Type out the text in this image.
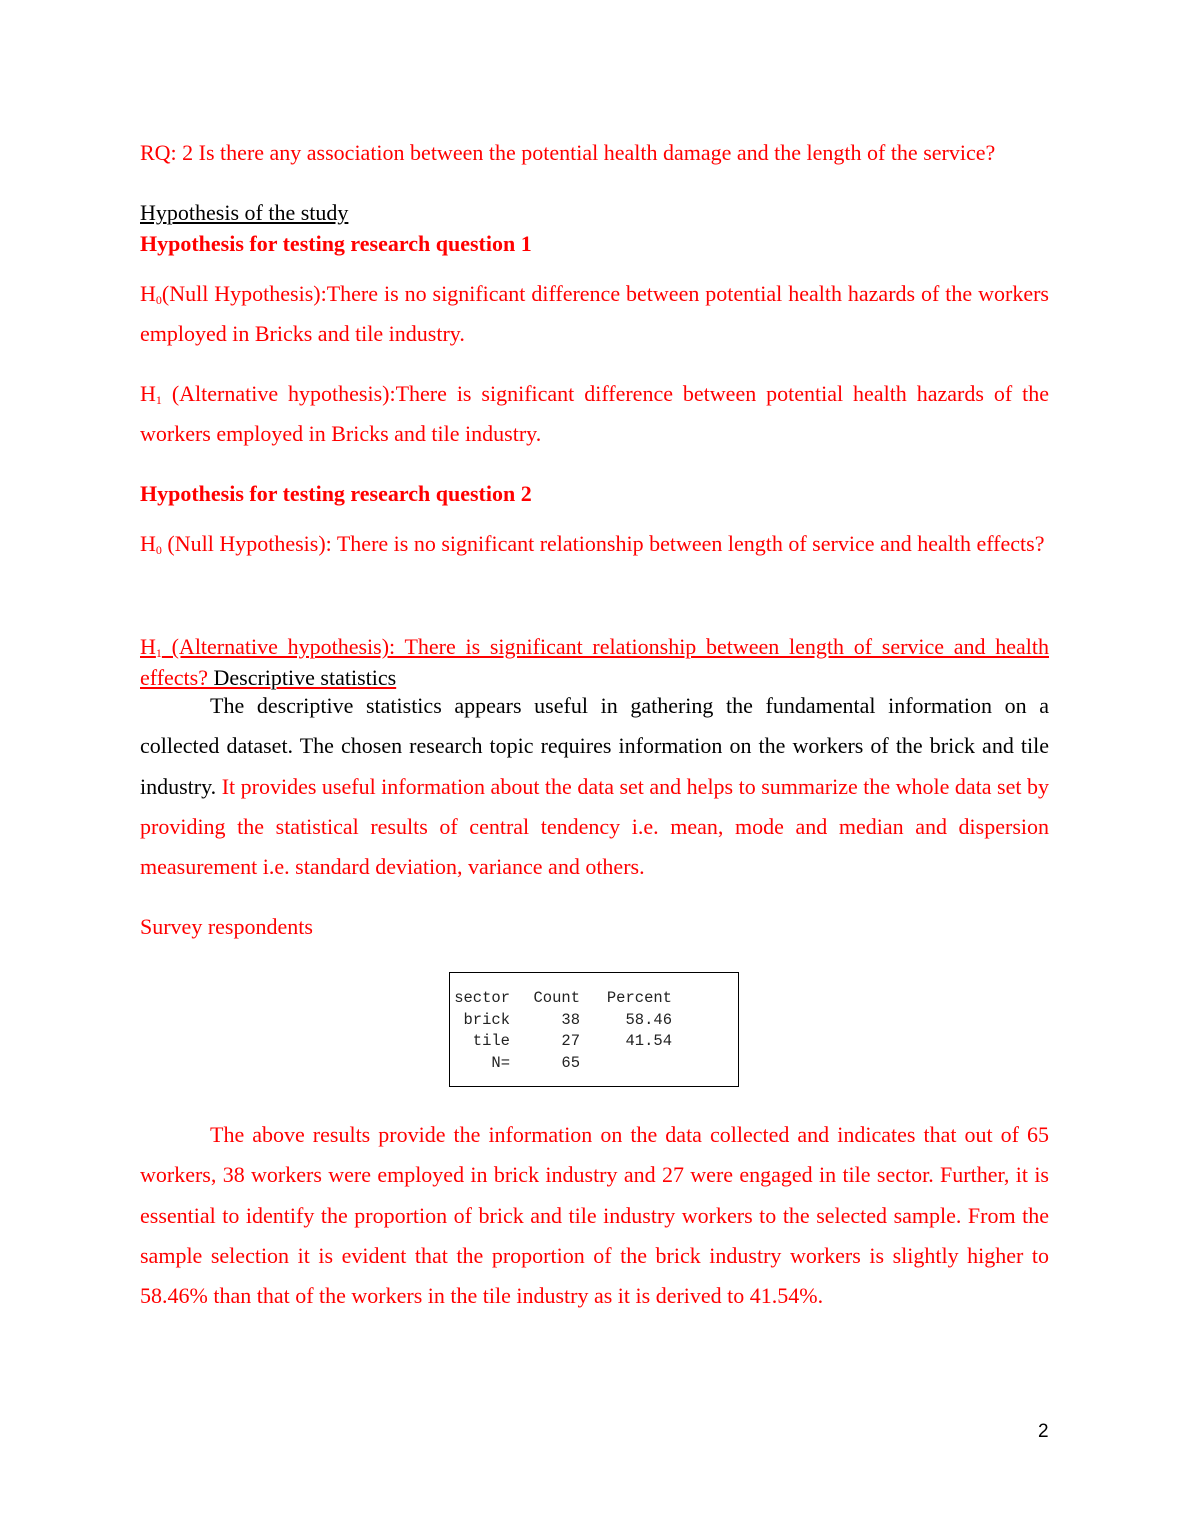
RQ: 2 Is there any association between the potential health damage and the length of the service?

Hypothesis of the study

Hypothesis for testing research question 1

$H_0(Null$ Hypothesis):There is no significant difference between potential health hazards of the workers employed in Bricks and tile industry.

$H_1$ (Alternative hypothesis):There is significant difference between potential health hazards of the workers employed in Bricks and tile industry.

Hypothesis for testing research question 2

$H_0$ (Null Hypothesis): There is no significant relationship between length of service and health effects?

$H_1$ (Alternative hypothesis): There is significant relationship between length of service and health effects? Descriptive statistics

The descriptive statistics appears useful in gathering the fundamental information on a collected dataset. The chosen research topic requires information on the workers of the brick and tile industry. It provides useful information about the data set and helps to summarize the whole data set by providing the statistical results of central tendency i.e. mean, mode and median and dispersion measurement i.e. standard deviation, variance and others.

Survey respondents

sector Count Percent
brick	38	58.46
tile	27	41.54
N=	65

The above results provide the information on the data collected and indicates that out of 65 workers, 38 workers were employed in brick industry and 27 were engaged in tile sector. Further, it is essential to identify the proportion of brick and tile industry workers to the selected sample. From the sample selection it is evident that the proportion of the brick industry workers is slightly higher to 58.46% than that of the workers in the tile industry as it is derived to 41.54%.

2
